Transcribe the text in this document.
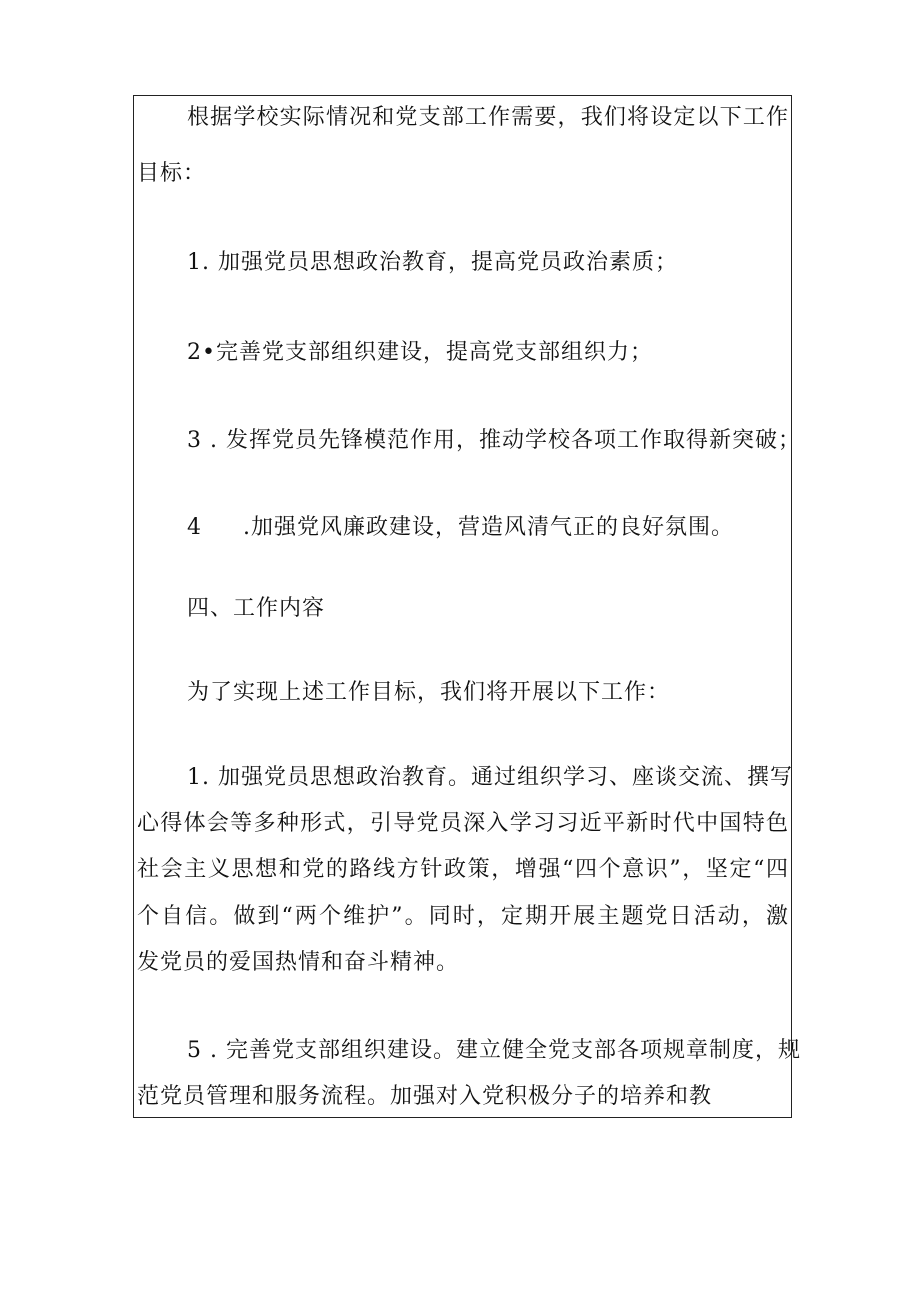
根据学校实际情况和党支部工作需要，我们将设定以下工作
目标：
1. 加强党员思想政治教育，提高党员政治素质；
2•完善党支部组织建设，提高党支部组织力；
3 . 发挥党员先锋模范作用，推动学校各项工作取得新突破；
4 .加强党风廉政建设，营造风清气正的良好氛围。
四、工作内容
为了实现上述工作目标，我们将开展以下工作：
1. 加强党员思想政治教育。通过组织学习、座谈交流、撰写
心得体会等多种形式，引导党员深入学习习近平新时代中国特色
社会主义思想和党的路线方针政策，增强“四个意识”，坚定“四
个自信。做到“两个维护”。同时，定期开展主题党日活动，激
发党员的爱国热情和奋斗精神。
5 . 完善党支部组织建设。建立健全党支部各项规章制度，规
范党员管理和服务流程。加强对入党积极分子的培养和教
